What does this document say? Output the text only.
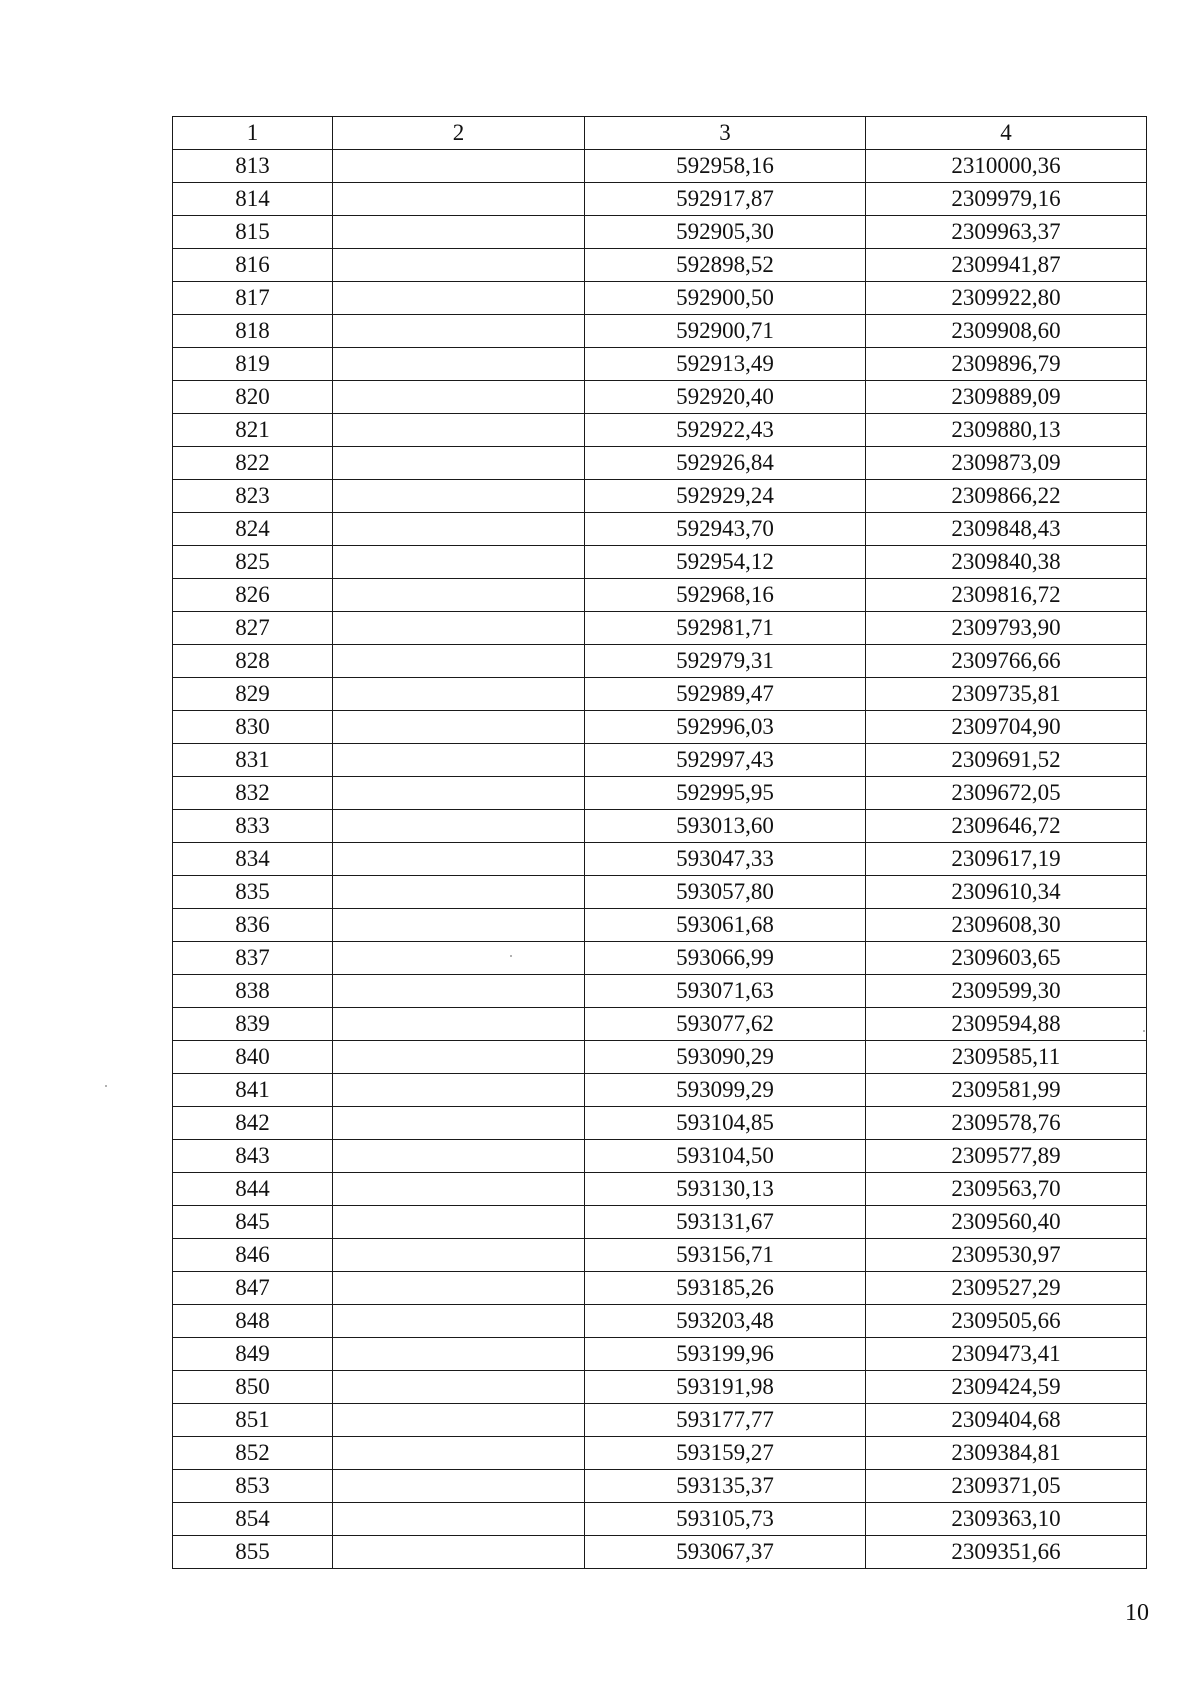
1	2	3	4
813		592958,16	2310000,36
814		592917,87	2309979,16
815		592905,30	2309963,37
816		592898,52	2309941,87
817		592900,50	2309922,80
818		592900,71	2309908,60
819		592913,49	2309896,79
820		592920,40	2309889,09
821		592922,43	2309880,13
822		592926,84	2309873,09
823		592929,24	2309866,22
824		592943,70	2309848,43
825		592954,12	2309840,38
826		592968,16	2309816,72
827		592981,71	2309793,90
828		592979,31	2309766,66
829		592989,47	2309735,81
830		592996,03	2309704,90
831		592997,43	2309691,52
832		592995,95	2309672,05
833		593013,60	2309646,72
834		593047,33	2309617,19
835		593057,80	2309610,34
836		593061,68	2309608,30
837		593066,99	2309603,65
838		593071,63	2309599,30
839		593077,62	2309594,88
840		593090,29	2309585,11
841		593099,29	2309581,99
842		593104,85	2309578,76
843		593104,50	2309577,89
844		593130,13	2309563,70
845		593131,67	2309560,40
846		593156,71	2309530,97
847		593185,26	2309527,29
848		593203,48	2309505,66
849		593199,96	2309473,41
850		593191,98	2309424,59
851		593177,77	2309404,68
852		593159,27	2309384,81
853		593135,37	2309371,05
854		593105,73	2309363,10
855		593067,37	2309351,66
10
